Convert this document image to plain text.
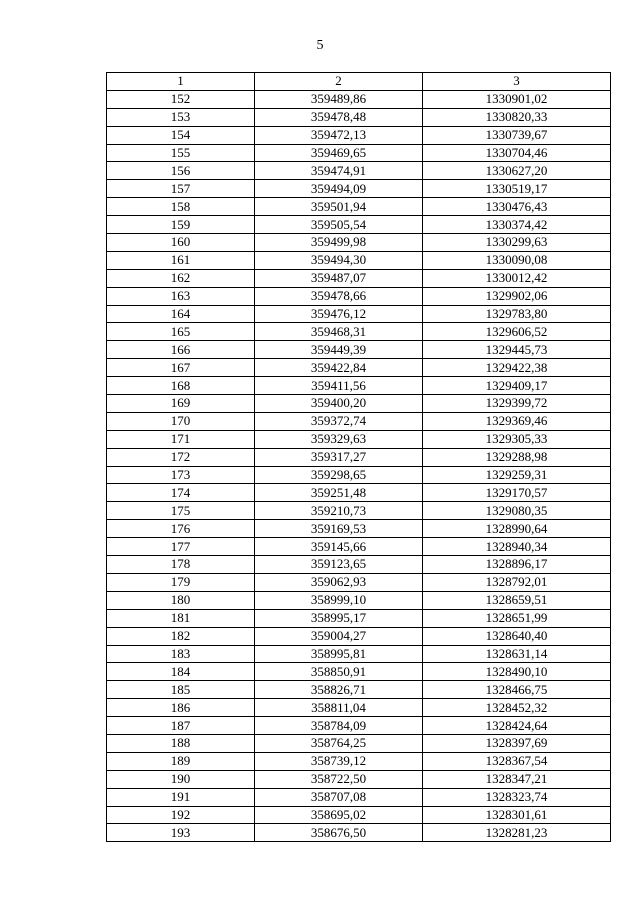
5
1	2	3
152	359489,86	1330901,02
153	359478,48	1330820,33
154	359472,13	1330739,67
155	359469,65	1330704,46
156	359474,91	1330627,20
157	359494,09	1330519,17
158	359501,94	1330476,43
159	359505,54	1330374,42
160	359499,98	1330299,63
161	359494,30	1330090,08
162	359487,07	1330012,42
163	359478,66	1329902,06
164	359476,12	1329783,80
165	359468,31	1329606,52
166	359449,39	1329445,73
167	359422,84	1329422,38
168	359411,56	1329409,17
169	359400,20	1329399,72
170	359372,74	1329369,46
171	359329,63	1329305,33
172	359317,27	1329288,98
173	359298,65	1329259,31
174	359251,48	1329170,57
175	359210,73	1329080,35
176	359169,53	1328990,64
177	359145,66	1328940,34
178	359123,65	1328896,17
179	359062,93	1328792,01
180	358999,10	1328659,51
181	358995,17	1328651,99
182	359004,27	1328640,40
183	358995,81	1328631,14
184	358850,91	1328490,10
185	358826,71	1328466,75
186	358811,04	1328452,32
187	358784,09	1328424,64
188	358764,25	1328397,69
189	358739,12	1328367,54
190	358722,50	1328347,21
191	358707,08	1328323,74
192	358695,02	1328301,61
193	358676,50	1328281,23
